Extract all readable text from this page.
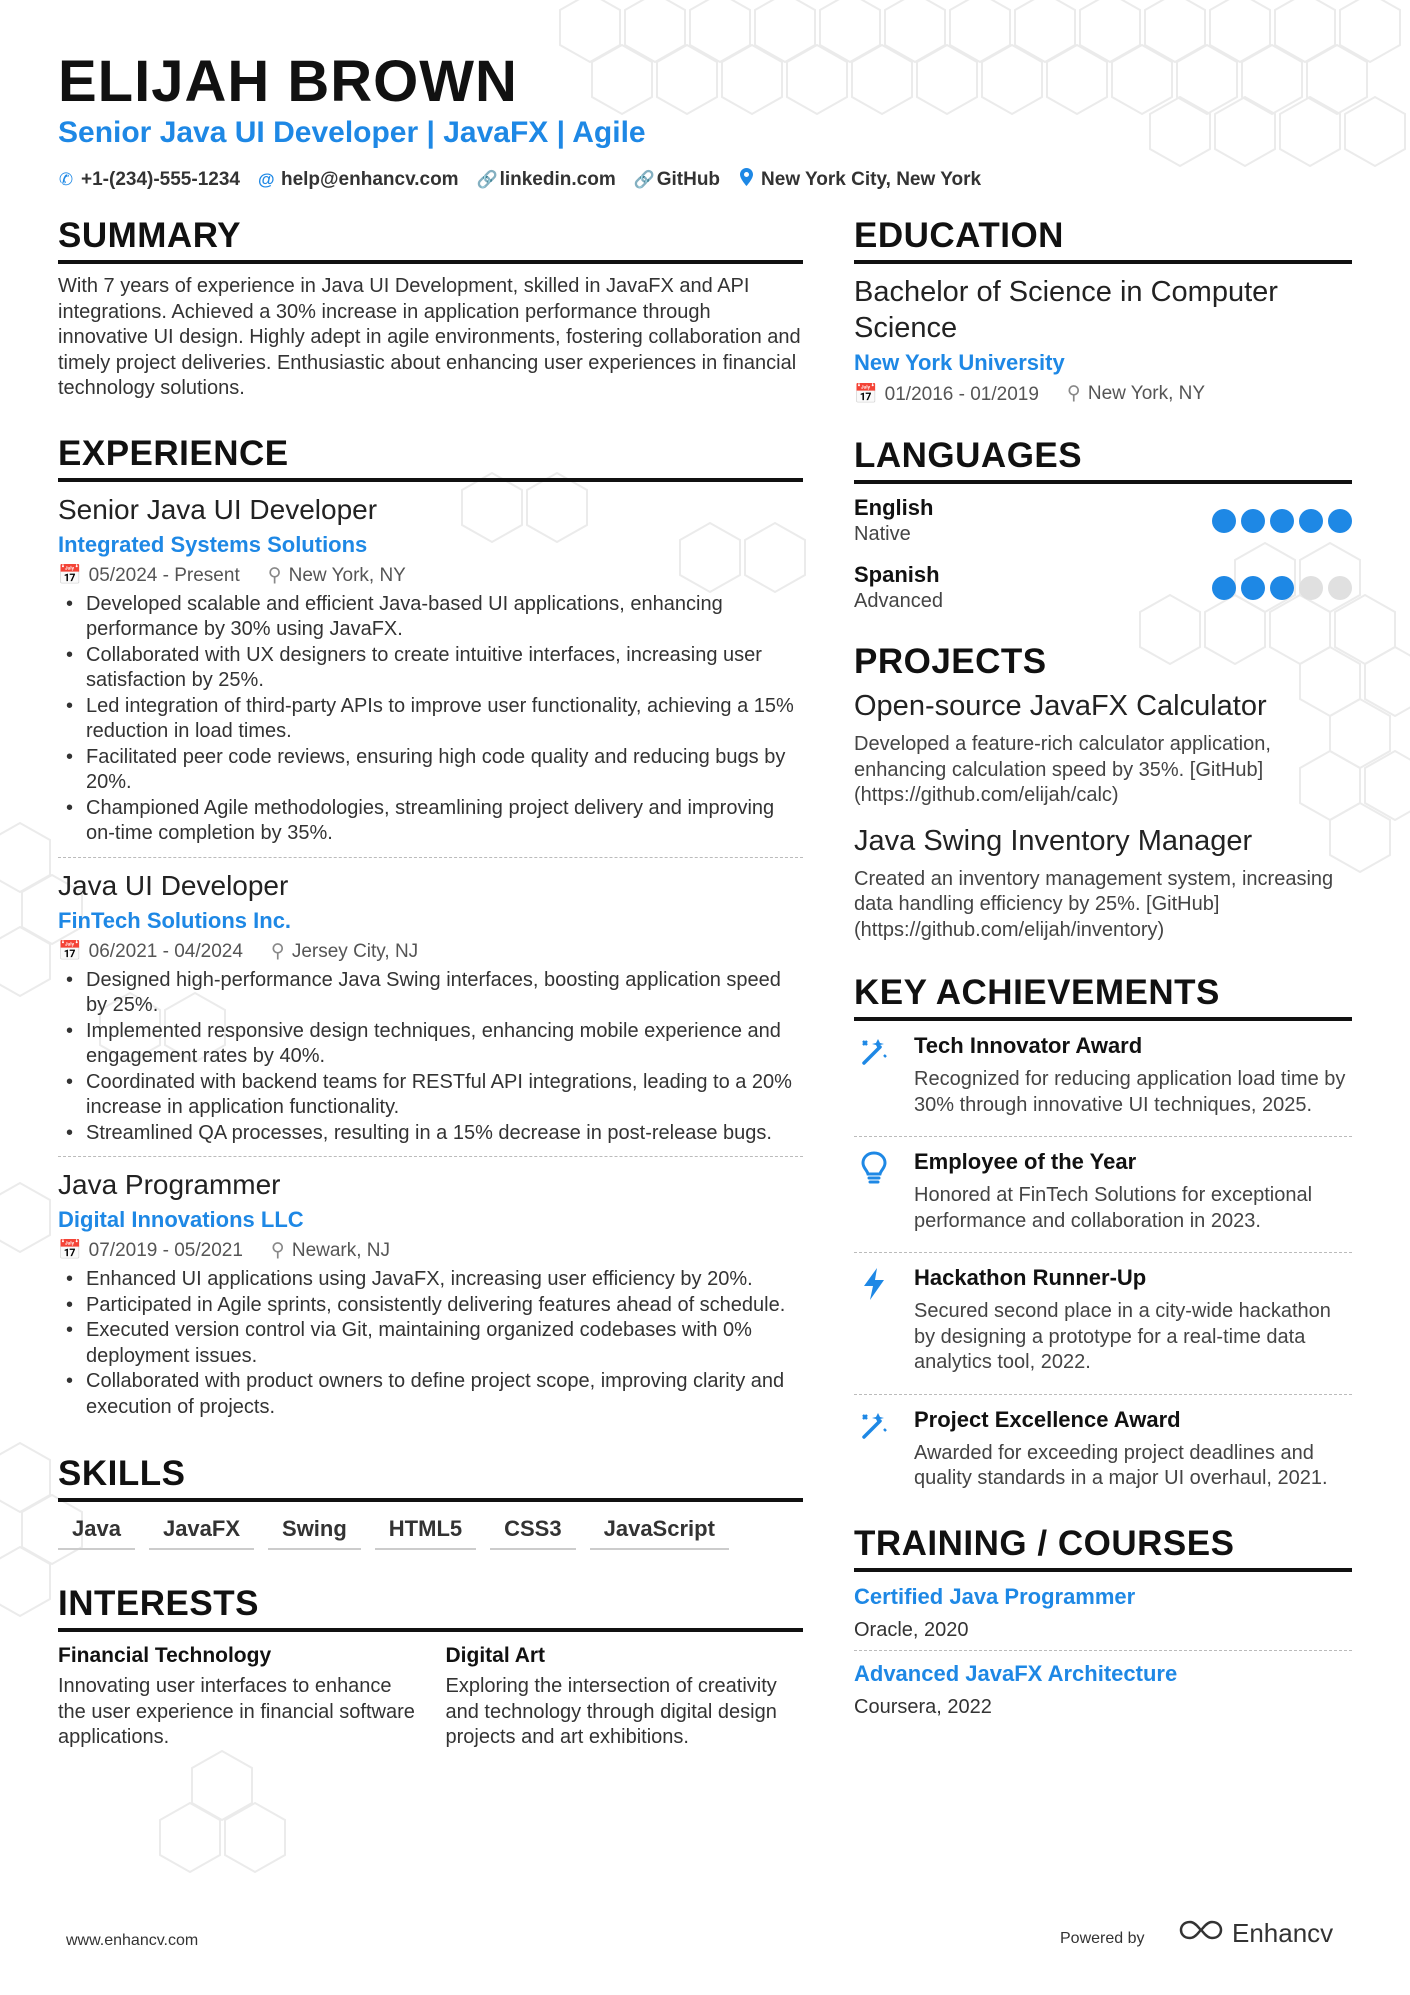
ELIJAH BROWN
Senior Java UI Developer | JavaFX | Agile
✆ +1-(234)-555-1234 @ help@enhancv.com 🔗 linkedin.com 🔗 GitHub New York City, New York
SUMMARY
With 7 years of experience in Java UI Development, skilled in JavaFX and API integrations. Achieved a 30% increase in application performance through innovative UI design. Highly adept in agile environments, fostering collaboration and timely project deliveries. Enthusiastic about enhancing user experiences in financial technology solutions.
EXPERIENCE
Senior Java UI Developer
Integrated Systems Solutions
📅 05/2024 - Present ⚲ New York, NY
• Developed scalable and efficient Java-based UI applications, enhancing performance by 30% using JavaFX.
• Collaborated with UX designers to create intuitive interfaces, increasing user satisfaction by 25%.
• Led integration of third-party APIs to improve user functionality, achieving a 15% reduction in load times.
• Facilitated peer code reviews, ensuring high code quality and reducing bugs by 20%.
• Championed Agile methodologies, streamlining project delivery and improving on-time completion by 35%.
Java UI Developer
FinTech Solutions Inc.
📅 06/2021 - 04/2024 ⚲ Jersey City, NJ
• Designed high-performance Java Swing interfaces, boosting application speed by 25%.
• Implemented responsive design techniques, enhancing mobile experience and engagement rates by 40%.
• Coordinated with backend teams for RESTful API integrations, leading to a 20% increase in application functionality.
• Streamlined QA processes, resulting in a 15% decrease in post-release bugs.
Java Programmer
Digital Innovations LLC
📅 07/2019 - 05/2021 ⚲ Newark, NJ
• Enhanced UI applications using JavaFX, increasing user efficiency by 20%.
• Participated in Agile sprints, consistently delivering features ahead of schedule.
• Executed version control via Git, maintaining organized codebases with 0% deployment issues.
• Collaborated with product owners to define project scope, improving clarity and execution of projects.
SKILLS
Java	JavaFX	Swing	HTML5	CSS3	JavaScript
INTERESTS
Financial Technology
Innovating user interfaces to enhance the user experience in financial software applications.
Digital Art
Exploring the intersection of creativity and technology through digital design projects and art exhibitions.
EDUCATION
Bachelor of Science in Computer Science
New York University
📅 01/2016 - 01/2019 ⚲ New York, NY
LANGUAGES
English
Native
Spanish
Advanced
PROJECTS
Open-source JavaFX Calculator
Developed a feature-rich calculator application, enhancing calculation speed by 35%. [GitHub](https://github.com/elijah/calc)
Java Swing Inventory Manager
Created an inventory management system, increasing data handling efficiency by 25%. [GitHub](https://github.com/elijah/inventory)
KEY ACHIEVEMENTS
Tech Innovator Award
Recognized for reducing application load time by 30% through innovative UI techniques, 2025.
Employee of the Year
Honored at FinTech Solutions for exceptional performance and collaboration in 2023.
Hackathon Runner-Up
Secured second place in a city-wide hackathon by designing a prototype for a real-time data analytics tool, 2022.
Project Excellence Award
Awarded for exceeding project deadlines and quality standards in a major UI overhaul, 2021.
TRAINING / COURSES
Certified Java Programmer
Oracle, 2020
Advanced JavaFX Architecture
Coursera, 2022
www.enhancv.com	Powered by	Enhancv
